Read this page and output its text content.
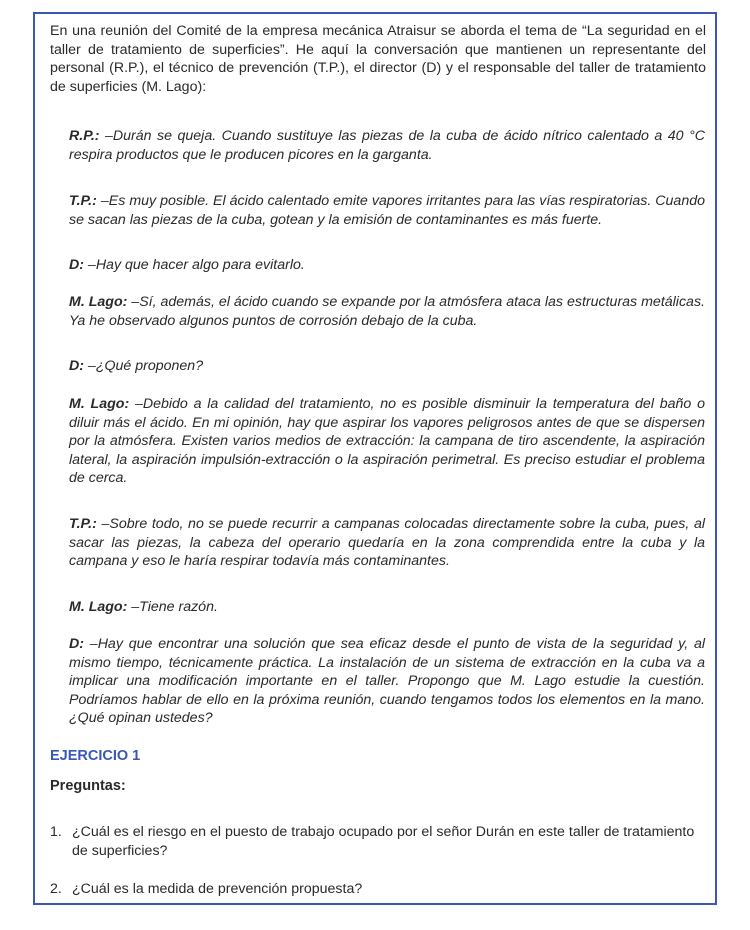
En una reunión del Comité de la empresa mecánica Atraisur se aborda el tema de “La seguridad en el taller de tratamiento de superficies”. He aquí la conversación que mantienen un representante del personal (R.P.), el técnico de prevención (T.P.), el director (D) y el responsable del taller de tratamiento de superficies (M. Lago):

R.P.: –Durán se queja. Cuando sustituye las piezas de la cuba de ácido nítrico calentado a 40 °C respira productos que le producen picores en la garganta.

T.P.: –Es muy posible. El ácido calentado emite vapores irritantes para las vías respiratorias. Cuando se sacan las piezas de la cuba, gotean y la emisión de contaminantes es más fuerte.

D: –Hay que hacer algo para evitarlo.

M. Lago: –Sí, además, el ácido cuando se expande por la atmósfera ataca las estructuras metálicas. Ya he observado algunos puntos de corrosión debajo de la cuba.

D: –¿Qué proponen?

M. Lago: –Debido a la calidad del tratamiento, no es posible disminuir la temperatura del baño o diluir más el ácido. En mi opinión, hay que aspirar los vapores peligrosos antes de que se dispersen por la atmósfera. Existen varios medios de extracción: la campana de tiro ascendente, la aspiración lateral, la aspiración impulsión-extracción o la aspiración perimetral. Es preciso estudiar el problema de cerca.

T.P.: –Sobre todo, no se puede recurrir a campanas colocadas directamente sobre la cuba, pues, al sacar las piezas, la cabeza del operario quedaría en la zona comprendida entre la cuba y la campana y eso le haría respirar todavía más contaminantes.

M. Lago: –Tiene razón.

D: –Hay que encontrar una solución que sea eficaz desde el punto de vista de la seguridad y, al mismo tiempo, técnicamente práctica. La instalación de un sistema de extracción en la cuba va a implicar una modificación importante en el taller. Propongo que M. Lago estudie la cuestión. Podríamos hablar de ello en la próxima reunión, cuando tengamos todos los elementos en la mano. ¿Qué opinan ustedes?

EJERCICIO 1

Preguntas:

1. ¿Cuál es el riesgo en el puesto de trabajo ocupado por el señor Durán en este taller de tratamiento de superficies?
2. ¿Cuál es la medida de prevención propuesta?
